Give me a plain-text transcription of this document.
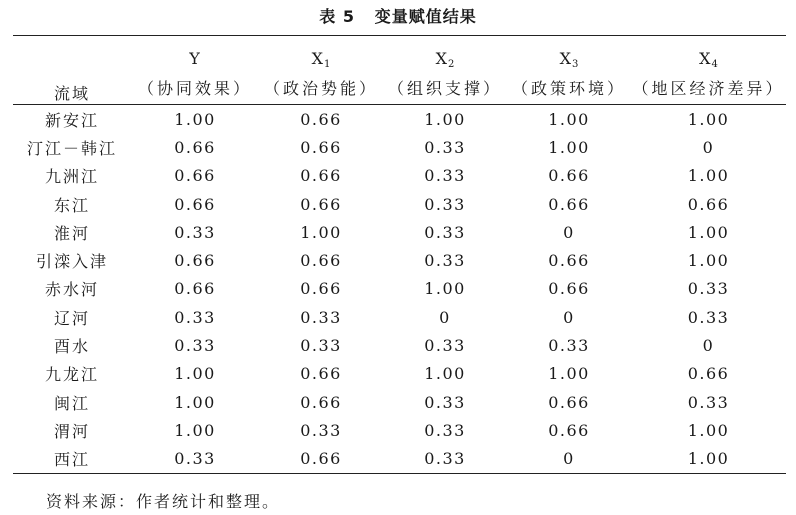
表 5   变量赋值结果
流域	Y	$X_1$	$X_2$	$X_3$	$X_4$
	（协同效果）	（政治势能）	（组织支撑）	（政策环境）	（地区经济差异）
新安江	1.00	0.66	1.00	1.00	1.00
汀江－韩江	0.66	0.66	0.33	1.00	0
九洲江	0.66	0.66	0.33	0.66	1.00
东江	0.66	0.66	0.33	0.66	0.66
淮河	0.33	1.00	0.33	0	1.00
引滦入津	0.66	0.66	0.33	0.66	1.00
赤水河	0.66	0.66	1.00	0.66	0.33
辽河	0.33	0.33	0	0	0.33
酉水	0.33	0.33	0.33	0.33	0
九龙江	1.00	0.66	1.00	1.00	0.66
闽江	1.00	0.66	0.33	0.66	0.33
渭河	1.00	0.33	0.33	0.66	1.00
西江	0.33	0.66	0.33	0	1.00
资料来源：作者统计和整理。
